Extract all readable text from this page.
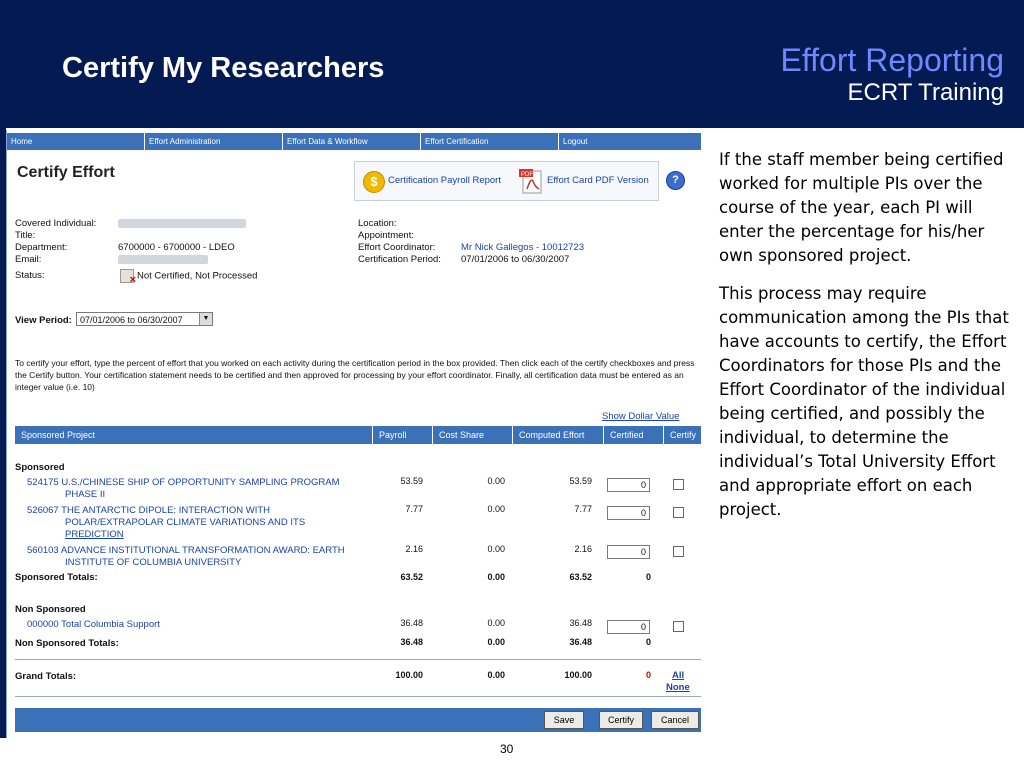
Certify My Researchers	Effort Reporting
ECRT Training
Home	Effort Administration	Effort Data & Workflow	Effort Certification	Logout
Certify Effort
$	Certification Payroll Report	PDF Effort Card PDF Version	?
Covered Individual:
Title:
Department:	6700000 - 6700000 - LDEO
Email:
Status:
×	Not Certified, Not Processed
Location:
Appointment:
Effort Coordinator:	Mr Nick Gallegos - 10012723
Certification Period: 07/01/2006 to 06/30/2007
View Period: 07/01/2006 to 06/30/2007	▼
To certify your effort, type the percent of effort that you worked on each activity during the certification period in the box provided. Then click each of the certify checkboxes and press the Certify button. Your certification statement needs to be certified and then approved for processing by your effort coordinator. Finally, all certification data must be entered as an integer value (i.e. 10)
Show Dollar Value
Sponsored Project	Payroll	Cost Share	Computed Effort	Certified	Certify
Sponsored
524175 U.S./CHINESE SHIP OF OPPORTUNITY SAMPLING PROGRAM
PHASE II
53.59	0.00	53.59	0
526067 THE ANTARCTIC DIPOLE: INTERACTION WITH
POLAR/EXTRAPOLAR CLIMATE VARIATIONS AND ITS
PREDICTION
7.77	0.00	7.77	0
560103 ADVANCE INSTITUTIONAL TRANSFORMATION AWARD: EARTH
INSTITUTE OF COLUMBIA UNIVERSITY
2.16	0.00	2.16	0
Sponsored Totals:	63.52	0.00	63.52	0
Non Sponsored
000000 Total Columbia Support	36.48	0.00	36.48	0
Non Sponsored Totals:	36.48	0.00	36.48	0
Grand Totals:	100.00	0.00	100.00	0 All
None
Save	Certify	Cancel

If the staff member being certified worked for multiple PIs over the course of the year, each PI will enter the percentage for his/her own sponsored project.

This process may require communication among the PIs that have accounts to certify, the Effort Coordinators for those PIs and the Effort Coordinator of the individual being certified, and possibly the individual, to determine the individual’s Total University Effort and appropriate effort on each project.

30
